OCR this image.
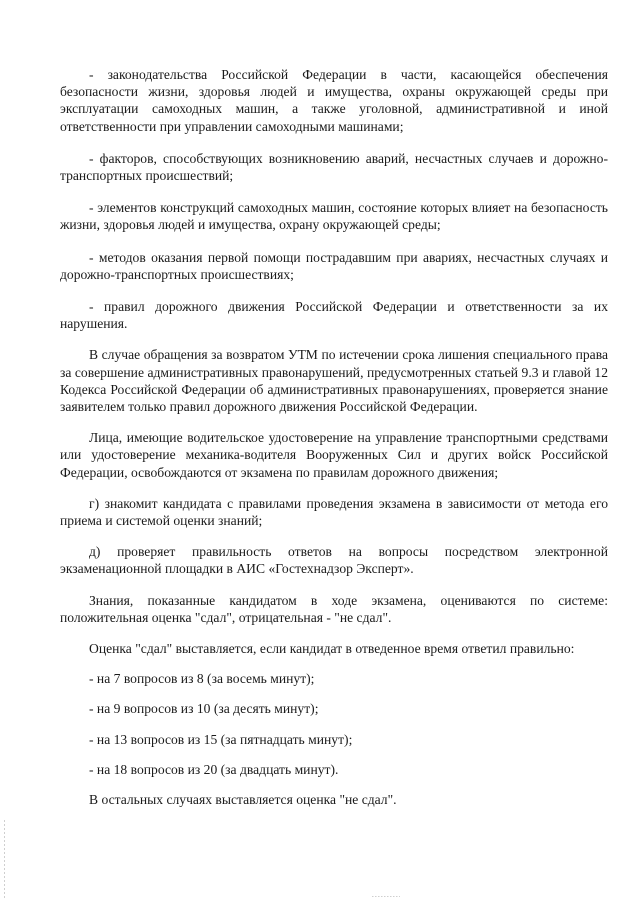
- законодательства Российской Федерации в части, касающейся обеспечения безопасности жизни, здоровья людей и имущества, охраны окружающей среды при эксплуатации самоходных машин, а также уголовной, административной и иной ответственности при управлении самоходными машинами;

- факторов, способствующих возникновению аварий, несчастных случаев и дорожно-транспортных происшествий;

- элементов конструкций самоходных машин, состояние которых влияет на безопасность жизни, здоровья людей и имущества, охрану окружающей среды;

- методов оказания первой помощи пострадавшим при авариях, несчастных случаях и дорожно-транспортных происшествиях;

- правил дорожного движения Российской Федерации и ответственности за их нарушения.

В случае обращения за возвратом УТМ по истечении срока лишения специального права за совершение административных правонарушений, предусмотренных статьей 9.3 и главой 12 Кодекса Российской Федерации об административных правонарушениях, проверяется знание заявителем только правил дорожного движения Российской Федерации.

Лица, имеющие водительское удостоверение на управление транспортными средствами или удостоверение механика-водителя Вооруженных Сил и других войск Российской Федерации, освобождаются от экзамена по правилам дорожного движения;

г) знакомит кандидата с правилами проведения экзамена в зависимости от метода его приема и системой оценки знаний;

д) проверяет правильность ответов на вопросы посредством электронной экзаменационной площадки в АИС «Гостехнадзор Эксперт».

Знания, показанные кандидатом в ходе экзамена, оцениваются по системе: положительная оценка "сдал", отрицательная - "не сдал".

Оценка "сдал" выставляется, если кандидат в отведенное время ответил правильно:

- на 7 вопросов из 8 (за восемь минут);

- на 9 вопросов из 10 (за десять минут);

- на 13 вопросов из 15 (за пятнадцать минут);

- на 18 вопросов из 20 (за двадцать минут).

В остальных случаях выставляется оценка "не сдал".
